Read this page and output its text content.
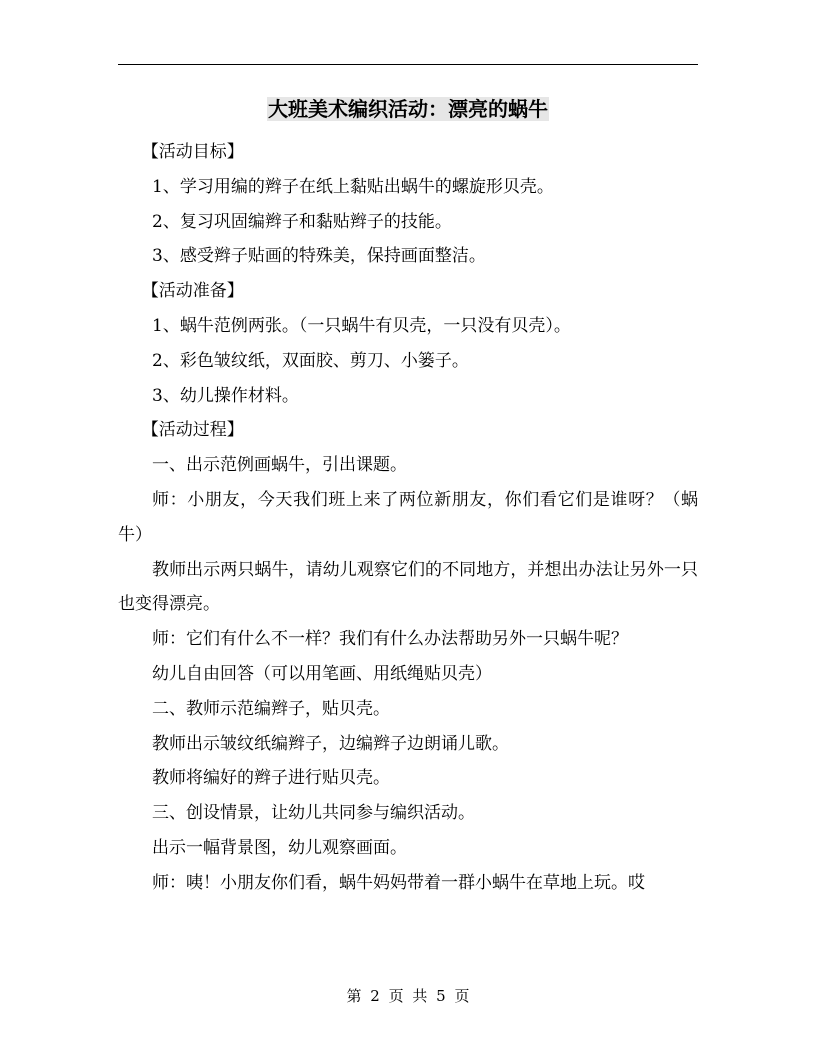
大班美术编织活动：漂亮的蜗牛

【活动目标】

1、学习用编的辫子在纸上黏贴出蜗牛的螺旋形贝壳。

2、复习巩固编辫子和黏贴辫子的技能。

3、感受辫子贴画的特殊美，保持画面整洁。

【活动准备】

1、蜗牛范例两张。（一只蜗牛有贝壳，一只没有贝壳）。

2、彩色皱纹纸，双面胶、剪刀、小篓子。

3、幼儿操作材料。

【活动过程】

一、出示范例画蜗牛，引出课题。

师：小朋友，今天我们班上来了两位新朋友，你们看它们是谁呀？（蜗牛）

教师出示两只蜗牛，请幼儿观察它们的不同地方，并想出办法让另外一只也变得漂亮。

师：它们有什么不一样？我们有什么办法帮助另外一只蜗牛呢？

幼儿自由回答（可以用笔画、用纸绳贴贝壳）

二、教师示范编辫子，贴贝壳。

教师出示皱纹纸编辫子，边编辫子边朗诵儿歌。

教师将编好的辫子进行贴贝壳。

三、创设情景，让幼儿共同参与编织活动。

出示一幅背景图，幼儿观察画面。

师：咦！小朋友你们看，蜗牛妈妈带着一群小蜗牛在草地上玩。哎

第 2 页 共 5 页
